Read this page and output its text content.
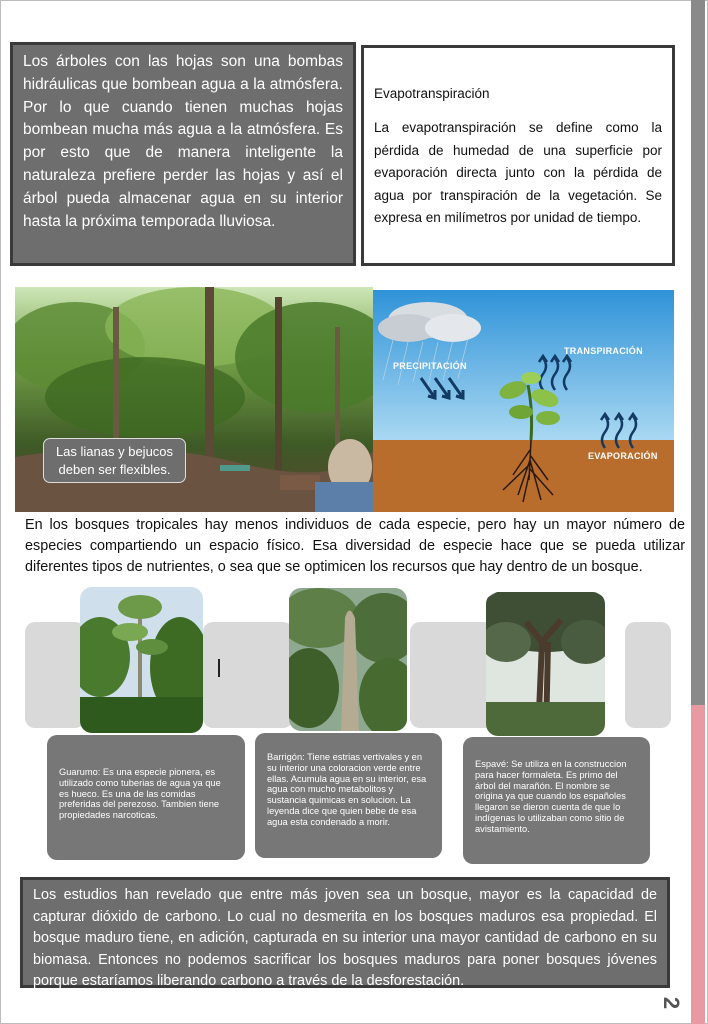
Los árboles con las hojas son una bombas hidráulicas que bombean agua a la atmósfera. Por lo que cuando tienen muchas hojas bombean mucha más agua a la atmósfera. Es por esto que de manera inteligente la naturaleza prefiere perder las hojas y así el árbol pueda almacenar agua en su interior hasta la próxima temporada lluviosa.

Evapotranspiración

La evapotranspiración se define como la pérdida de humedad de una superficie por evaporación directa junto con la pérdida de agua por transpiración de la vegetación. Se expresa en milímetros por unidad de tiempo.

Las lianas y bejucos deben ser flexibles.
PRECIPITACIÓN
TRANSPIRACIÓN
EVAPORACIÓN

En los bosques tropicales hay menos individuos de cada especie, pero hay un mayor número de especies compartiendo un espacio físico. Esa diversidad de especie hace que se pueda utilizar diferentes tipos de nutrientes, o sea que se optimicen los recursos que hay dentro de un bosque.

Guarumo: Es una especie pionera, es utilizado como tuberias de agua ya que es hueco. Es una de las comidas preferidas del perezoso. Tambien tiene propiedades narcoticas.
Barrigón: Tiene estrias vertivales y en su interior una coloracion verde entre ellas. Acumula agua en su interior, esa agua con mucho metabolitos y sustancia quimicas en solucion. La leyenda dice que quien bebe de esa agua esta condenado a morir.
Espavé: Se utiliza en la construccion para hacer formaleta. Es primo del árbol del marañón. El nombre se origina ya que cuando los españoles llegaron se dieron cuenta de que lo indígenas lo utilizaban como sitio de avistamiento.

Los estudios han revelado que entre más joven sea un bosque, mayor es la capacidad de capturar dióxido de carbono. Lo cual no desmerita en los bosques maduros esa propiedad. El bosque maduro tiene, en adición, capturada en su interior una mayor cantidad de carbono en su biomasa. Entonces no podemos sacrificar los bosques maduros para poner bosques jóvenes porque estaríamos liberando carbono a través de la desforestación.

2
